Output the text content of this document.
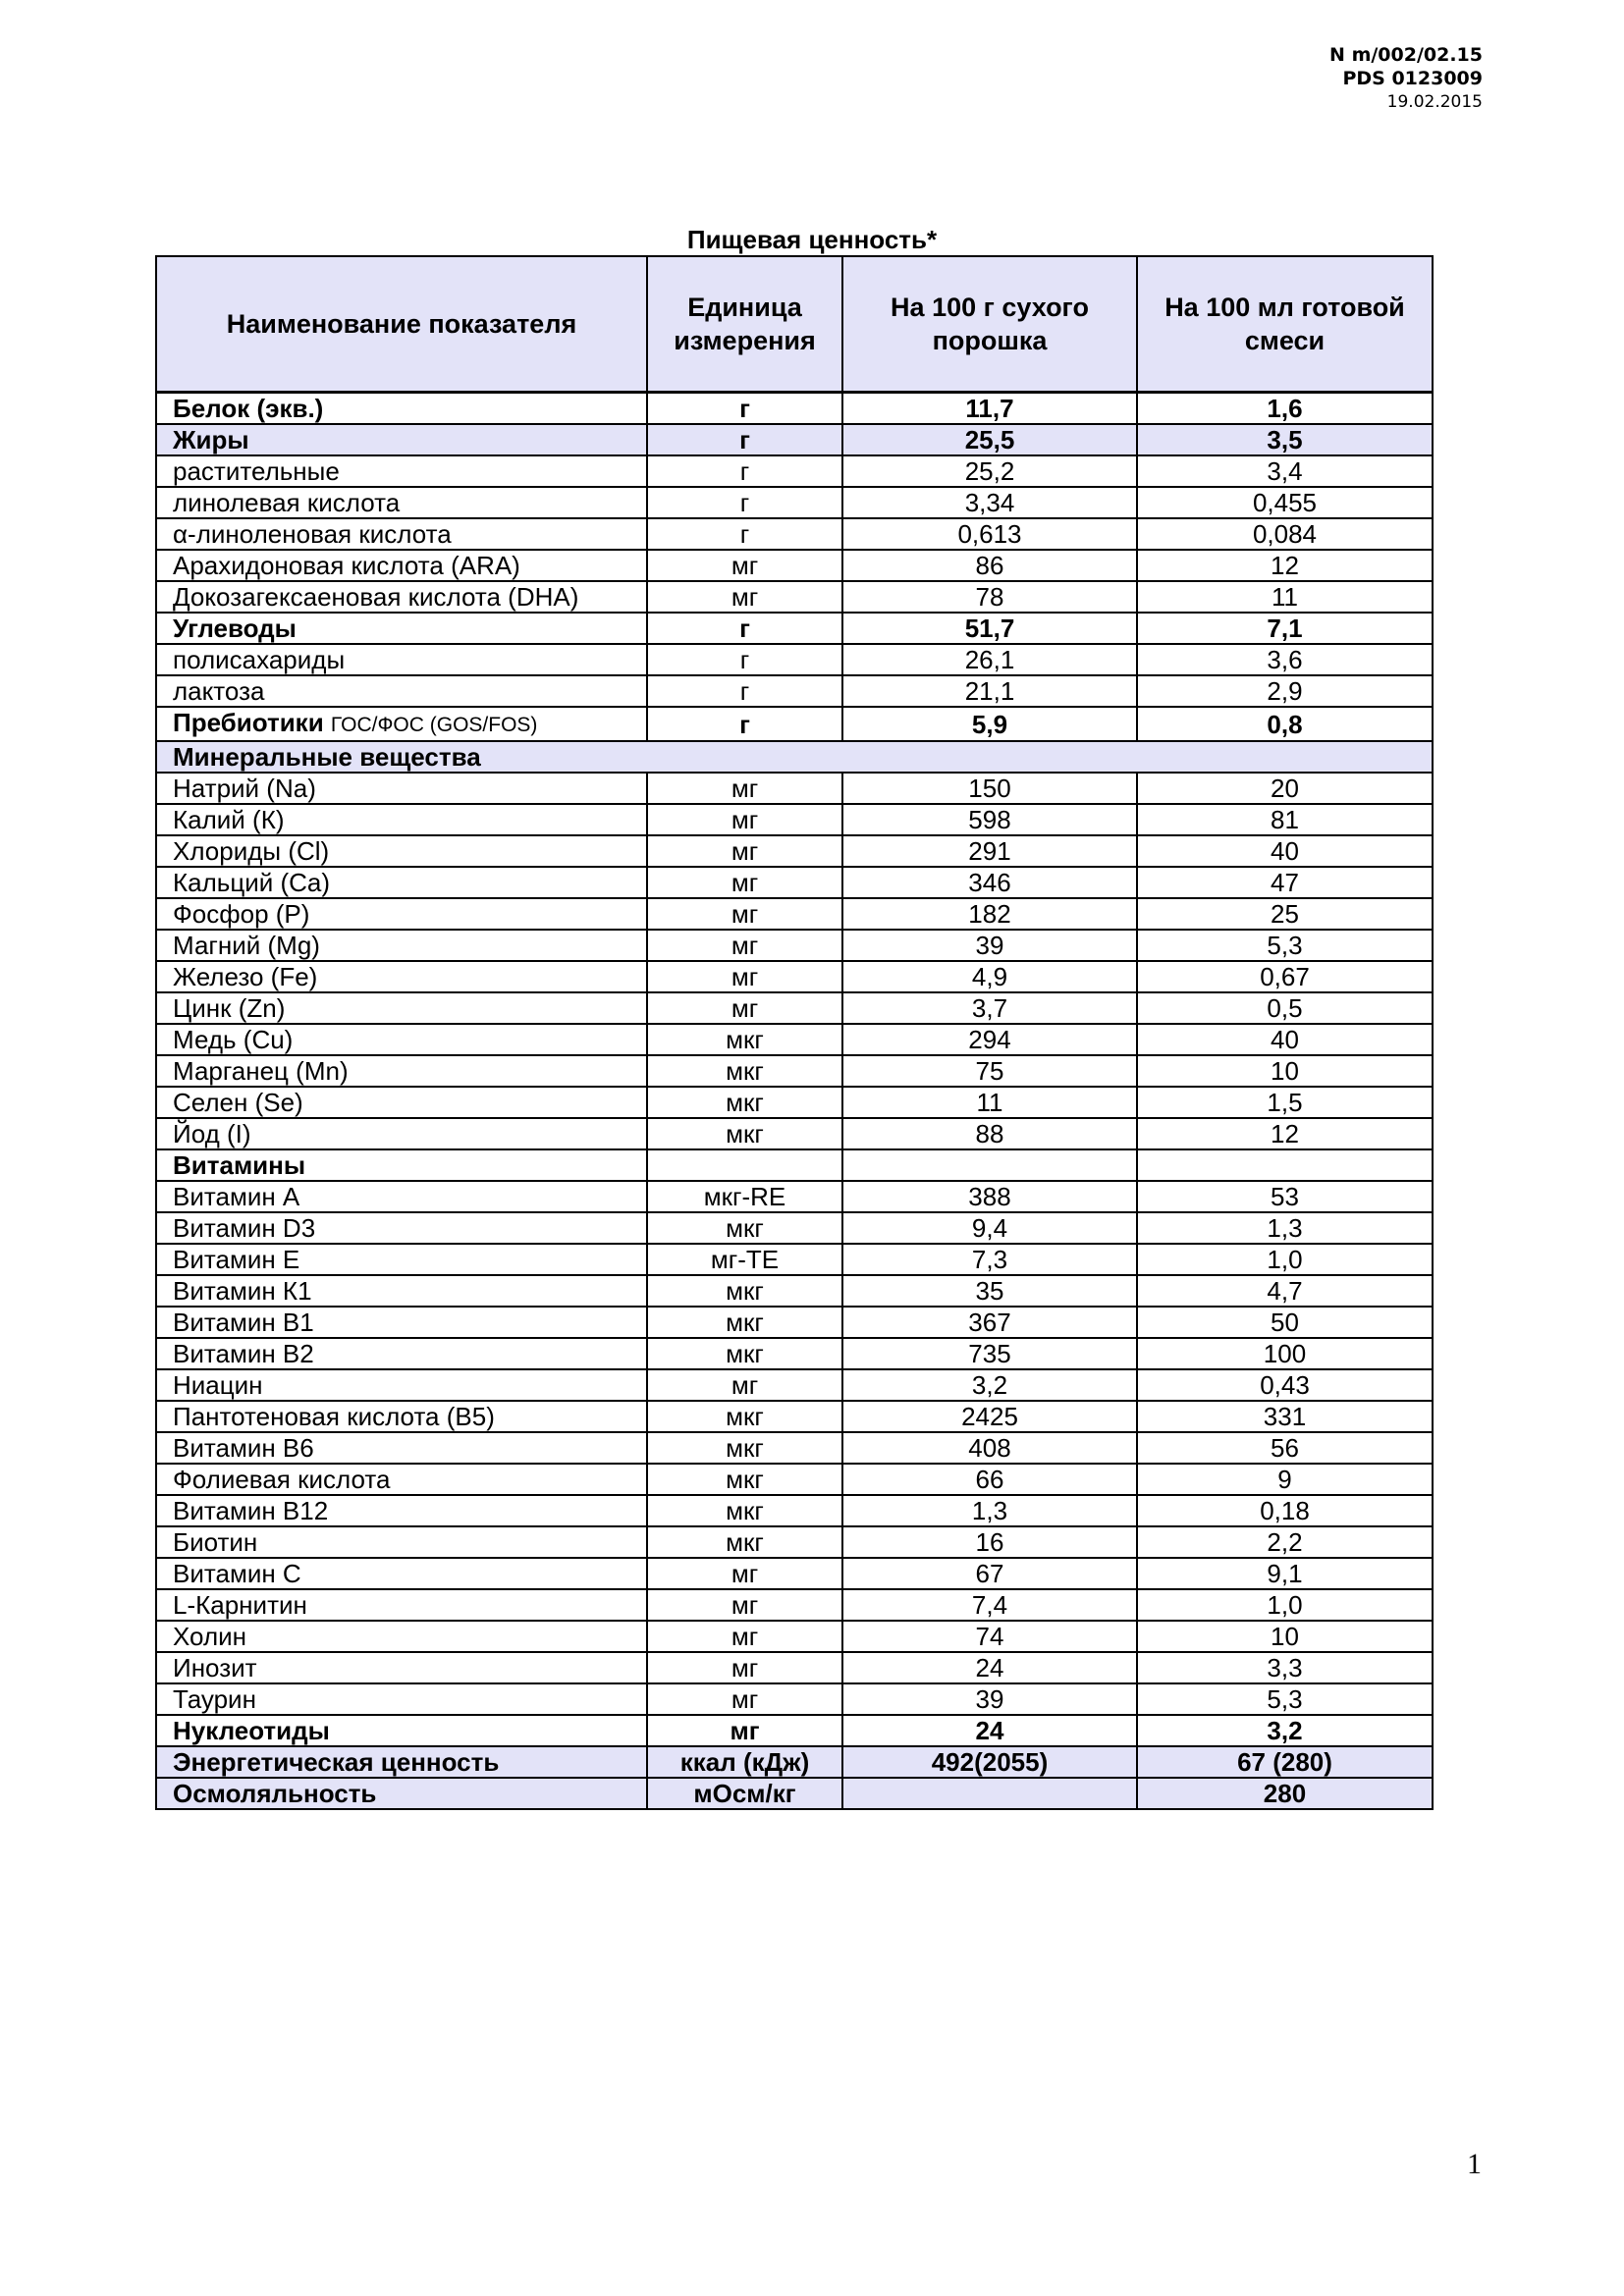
N m/002/02.15
PDS 0123009
19.02.2015
Пищевая ценность*
Наименование показателя	Единица измерения	На 100 г сухого порошка	На 100 мл готовой смеси
Белок (экв.)	г	11,7	1,6
Жиры	г	25,5	3,5
растительные	г	25,2	3,4
линолевая кислота	г	3,34	0,455
α-линоленовая кислота	г	0,613	0,084
Арахидоновая кислота (ARA)	мг	86	12
Докозагексаеновая кислота (DHA)	мг	78	11
Углеводы	г	51,7	7,1
полисахариды	г	26,1	3,6
лактоза	г	21,1	2,9
Пребиотики ГОС/ФОС (GOS/FOS)	г	5,9	0,8
Минеральные вещества			
Натрий (Na)	мг	150	20
Калий (К)	мг	598	81
Хлориды (Cl)	мг	291	40
Кальций (Ca)	мг	346	47
Фосфор (P)	мг	182	25
Магний (Mg)	мг	39	5,3
Железо (Fe)	мг	4,9	0,67
Цинк (Zn)	мг	3,7	0,5
Медь (Cu)	мкг	294	40
Марганец (Mn)	мкг	75	10
Селен (Se)	мкг	11	1,5
Йод (I)	мкг	88	12
Витамины			
Витамин A	мкг-RE	388	53
Витамин D3	мкг	9,4	1,3
Витамин E	мг-TE	7,3	1,0
Витамин К1	мкг	35	4,7
Витамин В1	мкг	367	50
Витамин В2	мкг	735	100
Ниацин	мг	3,2	0,43
Пантотеновая кислота (В5)	мкг	2425	331
Витамин В6	мкг	408	56
Фолиевая кислота	мкг	66	9
Витамин В12	мкг	1,3	0,18
Биотин	мкг	16	2,2
Витамин С	мг	67	9,1
L-Карнитин	мг	7,4	1,0
Холин	мг	74	10
Инозит	мг	24	3,3
Таурин	мг	39	5,3
Нуклеотиды	мг	24	3,2
Энергетическая ценность	ккал (кДж)	492(2055)	67 (280)
Осмоляльность	мОсм/кг		280
1
